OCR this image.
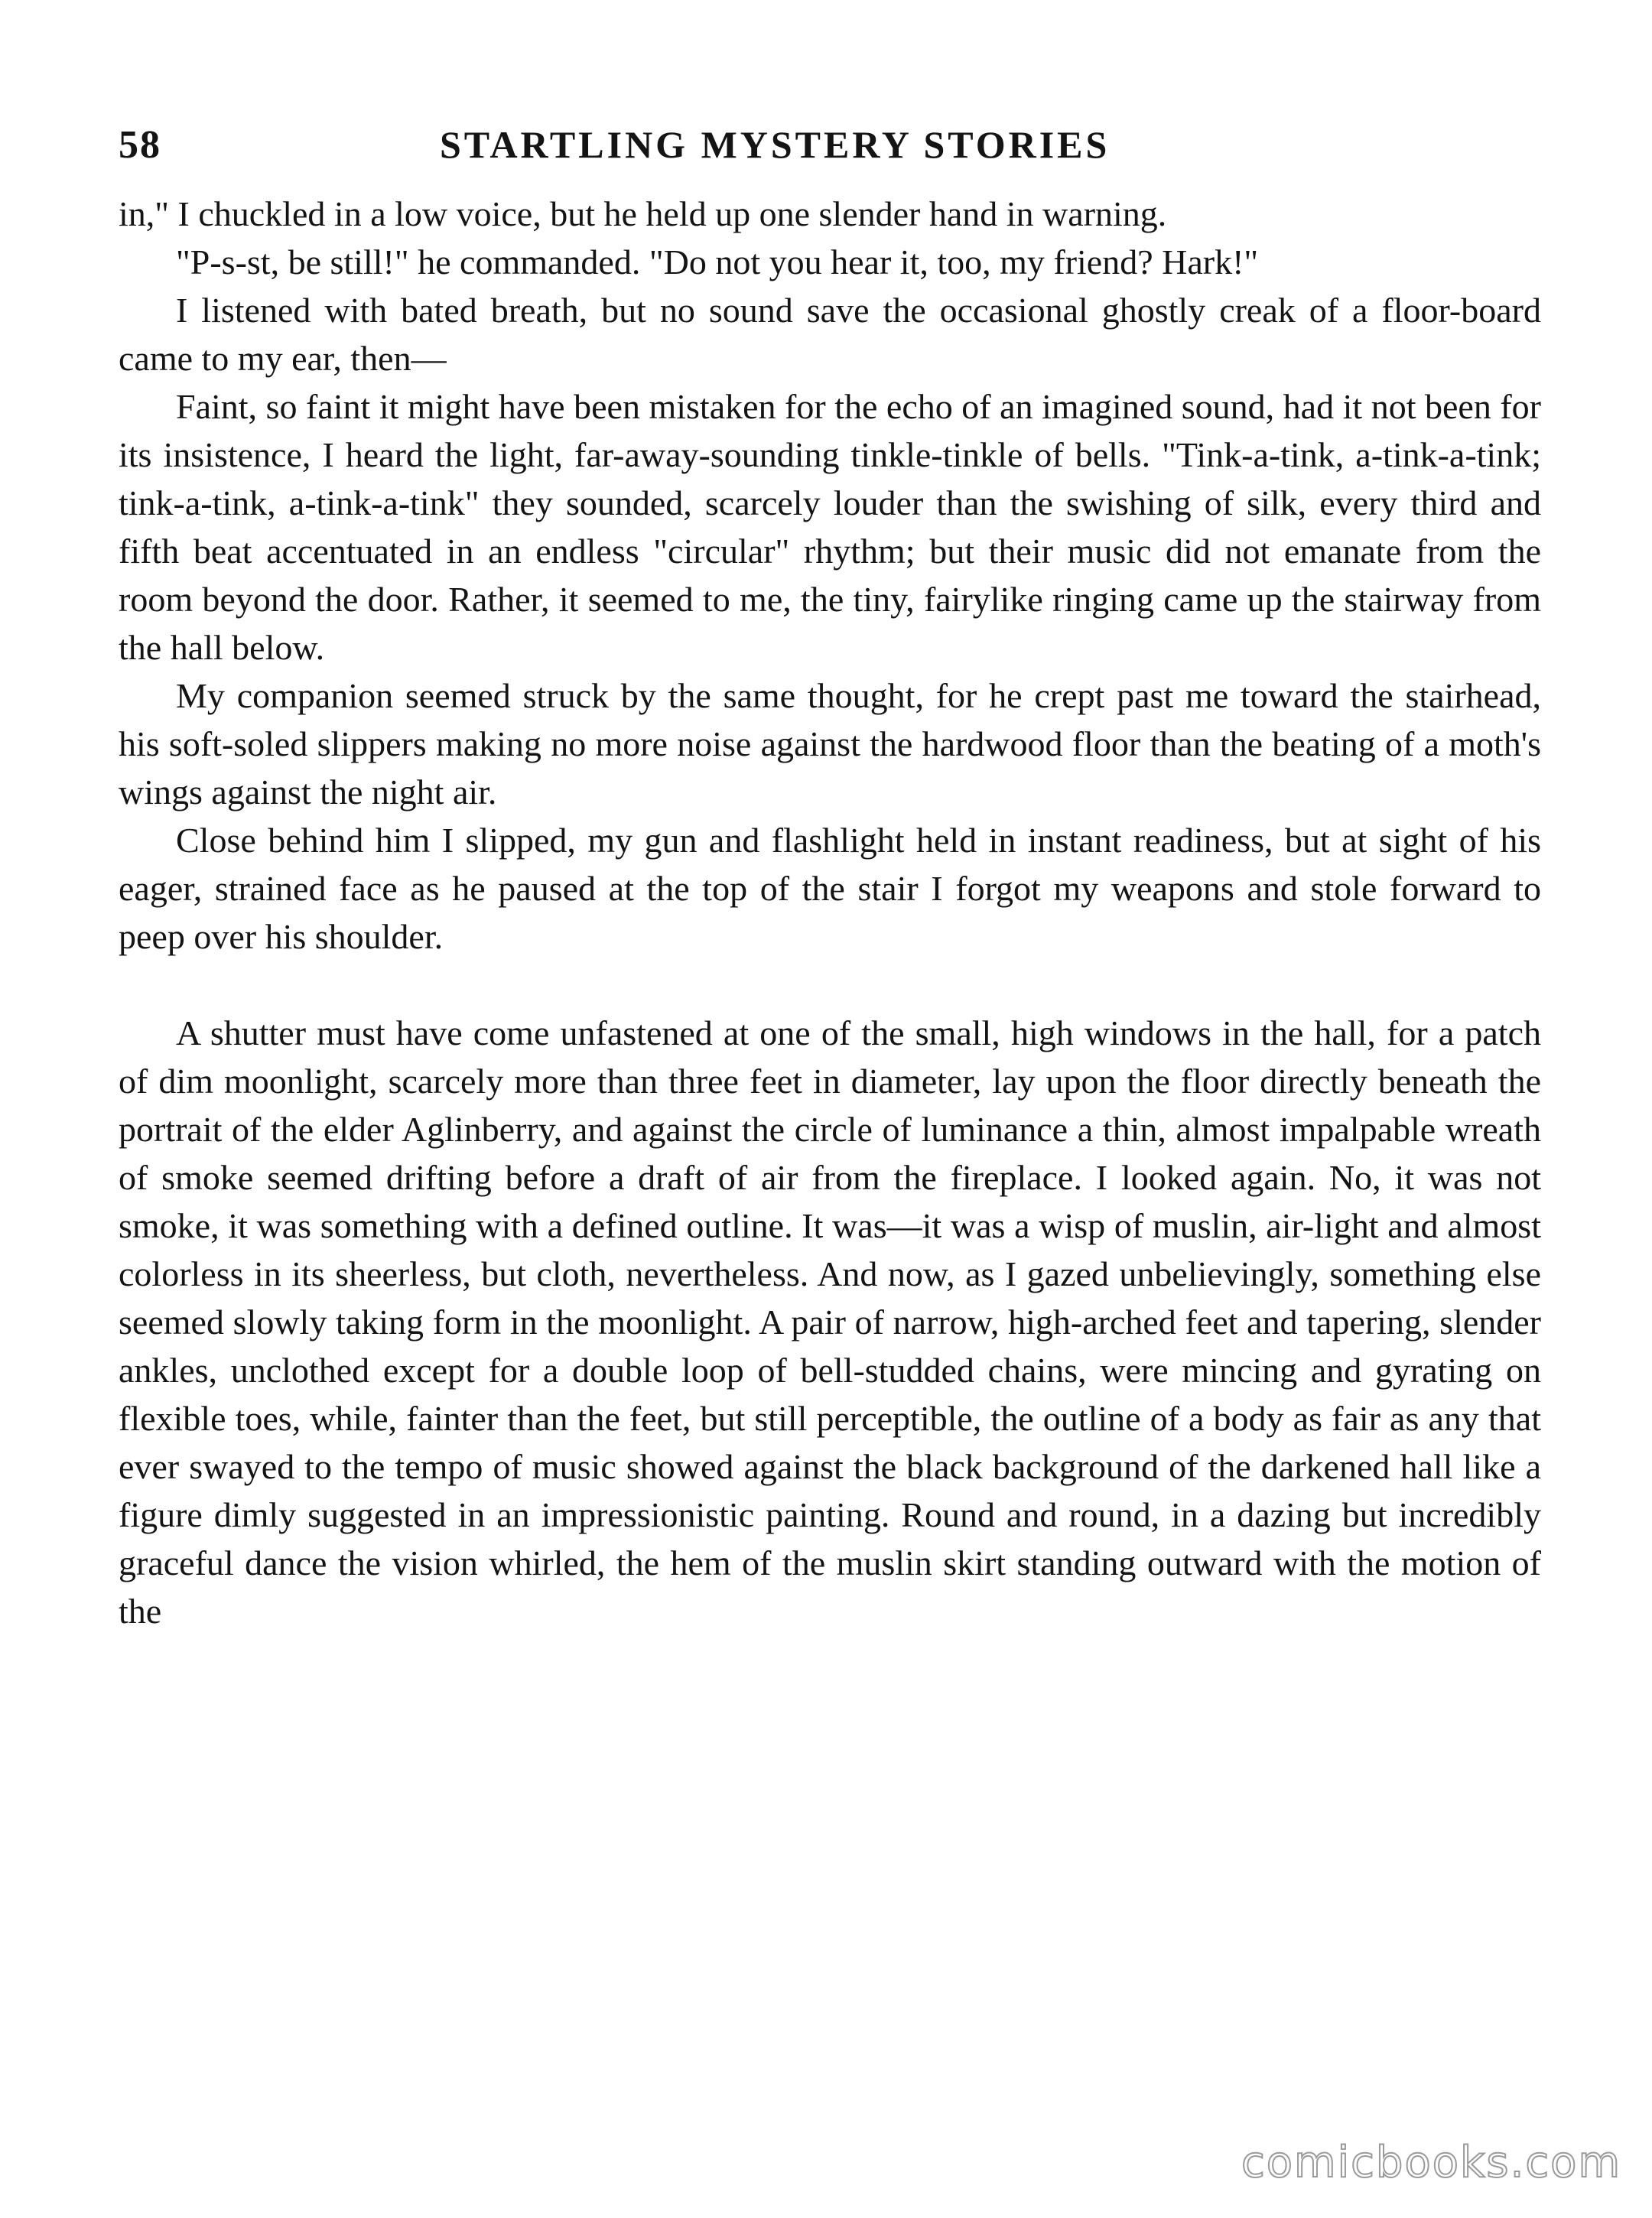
58	STARTLING MYSTERY STORIES

in," I chuckled in a low voice, but he held up one slender hand in warning.

"P-s-st, be still!" he commanded. "Do not you hear it, too, my friend? Hark!"

I listened with bated breath, but no sound save the occasional ghostly creak of a floor-board came to my ear, then—

Faint, so faint it might have been mistaken for the echo of an imagined sound, had it not been for its insistence, I heard the light, far-away-sounding tinkle-tinkle of bells. "Tink-a-tink, a-tink-a-tink; tink-a-tink, a-tink-a-tink" they sounded, scarcely louder than the swishing of silk, every third and fifth beat accentuated in an endless "circular" rhythm; but their music did not emanate from the room beyond the door. Rather, it seemed to me, the tiny, fairylike ringing came up the stairway from the hall below.

My companion seemed struck by the same thought, for he crept past me toward the stairhead, his soft-soled slippers making no more noise against the hardwood floor than the beating of a moth's wings against the night air.

Close behind him I slipped, my gun and flashlight held in instant readiness, but at sight of his eager, strained face as he paused at the top of the stair I forgot my weapons and stole forward to peep over his shoulder.

A shutter must have come unfastened at one of the small, high windows in the hall, for a patch of dim moonlight, scarcely more than three feet in diameter, lay upon the floor directly beneath the portrait of the elder Aglinberry, and against the circle of luminance a thin, almost impalpable wreath of smoke seemed drifting before a draft of air from the fireplace. I looked again. No, it was not smoke, it was something with a defined outline. It was—it was a wisp of muslin, air-light and almost colorless in its sheerless, but cloth, nevertheless. And now, as I gazed unbelievingly, something else seemed slowly taking form in the moonlight. A pair of narrow, high-arched feet and tapering, slender ankles, unclothed except for a double loop of bell-studded chains, were mincing and gyrating on flexible toes, while, fainter than the feet, but still perceptible, the outline of a body as fair as any that ever swayed to the tempo of music showed against the black background of the darkened hall like a figure dimly suggested in an impressionistic painting. Round and round, in a dazing but incredibly graceful dance the vision whirled, the hem of the muslin skirt standing outward with the motion of the

comicbooks.com
